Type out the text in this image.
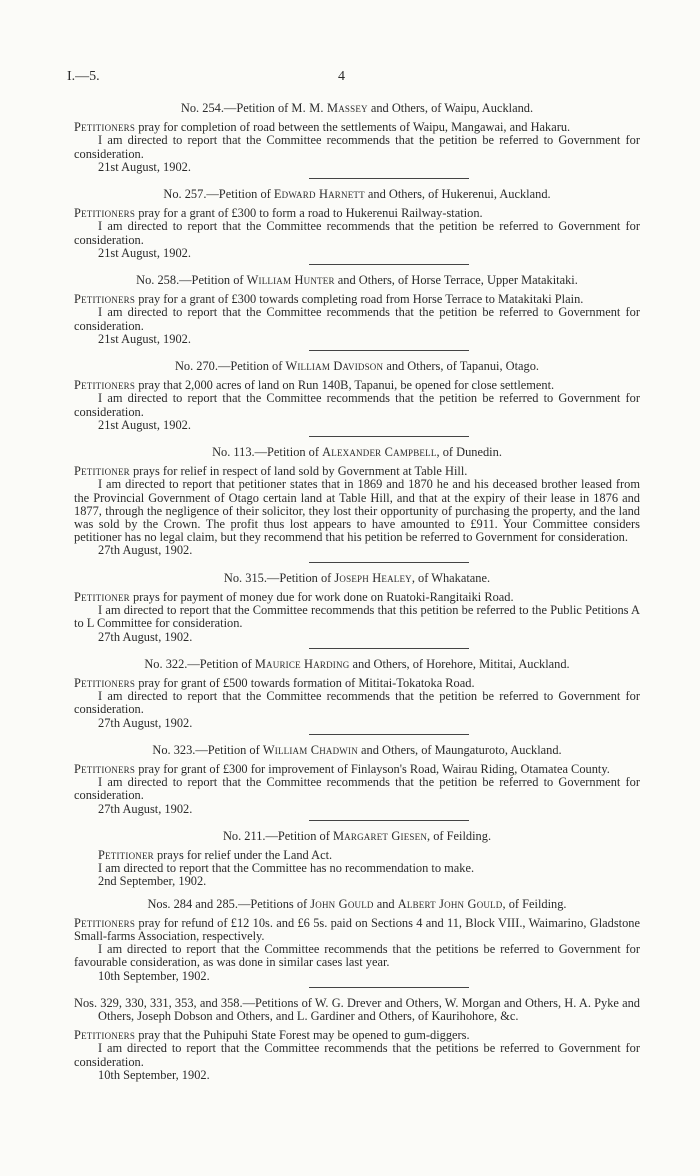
I.—5.	4
No. 254.—Petition of M. M. Massey and Others, of Waipu, Auckland.
Petitioners pray for completion of road between the settlements of Waipu, Mangawai, and Hakaru.
I am directed to report that the Committee recommends that the petition be referred to Government for consideration.
21st August, 1902.
No. 257.—Petition of Edward Harnett and Others, of Hukerenui, Auckland.
Petitioners pray for a grant of £300 to form a road to Hukerenui Railway-station.
I am directed to report that the Committee recommends that the petition be referred to Government for consideration.
21st August, 1902.
No. 258.—Petition of William Hunter and Others, of Horse Terrace, Upper Matakitaki.
Petitioners pray for a grant of £300 towards completing road from Horse Terrace to Matakitaki Plain.
I am directed to report that the Committee recommends that the petition be referred to Government for consideration.
21st August, 1902.
No. 270.—Petition of William Davidson and Others, of Tapanui, Otago.
Petitioners pray that 2,000 acres of land on Run 140B, Tapanui, be opened for close settlement.
I am directed to report that the Committee recommends that the petition be referred to Government for consideration.
21st August, 1902.
No. 113.—Petition of Alexander Campbell, of Dunedin.
Petitioner prays for relief in respect of land sold by Government at Table Hill.
I am directed to report that petitioner states that in 1869 and 1870 he and his deceased brother leased from the Provincial Government of Otago certain land at Table Hill, and that at the expiry of their lease in 1876 and 1877, through the negligence of their solicitor, they lost their opportunity of purchasing the property, and the land was sold by the Crown. The profit thus lost appears to have amounted to £911. Your Committee considers petitioner has no legal claim, but they recommend that his petition be referred to Government for consideration.
27th August, 1902.
No. 315.—Petition of Joseph Healey, of Whakatane.
Petitioner prays for payment of money due for work done on Ruatoki-Rangitaiki Road.
I am directed to report that the Committee recommends that this petition be referred to the Public Petitions A to L Committee for consideration.
27th August, 1902.
No. 322.—Petition of Maurice Harding and Others, of Horehore, Mititai, Auckland.
Petitioners pray for grant of £500 towards formation of Mititai-Tokatoka Road.
I am directed to report that the Committee recommends that the petition be referred to Government for consideration.
27th August, 1902.
No. 323.—Petition of William Chadwin and Others, of Maungaturoto, Auckland.
Petitioners pray for grant of £300 for improvement of Finlayson's Road, Wairau Riding, Otamatea County.
I am directed to report that the Committee recommends that the petition be referred to Government for consideration.
27th August, 1902.
No. 211.—Petition of Margaret Giesen, of Feilding.
Petitioner prays for relief under the Land Act.
I am directed to report that the Committee has no recommendation to make.
2nd September, 1902.
Nos. 284 and 285.—Petitions of John Gould and Albert John Gould, of Feilding.
Petitioners pray for refund of £12 10s. and £6 5s. paid on Sections 4 and 11, Block VIII., Waimarino, Gladstone Small-farms Association, respectively.
I am directed to report that the Committee recommends that the petitions be referred to Government for favourable consideration, as was done in similar cases last year.
10th September, 1902.
Nos. 329, 330, 331, 353, and 358.—Petitions of W. G. Drever and Others, W. Morgan and Others, H. A. Pyke and Others, Joseph Dobson and Others, and L. Gardiner and Others, of Kaurihohore, &c.
Petitioners pray that the Puhipuhi State Forest may be opened to gum-diggers.
I am directed to report that the Committee recommends that the petitions be referred to Government for consideration.
10th September, 1902.
